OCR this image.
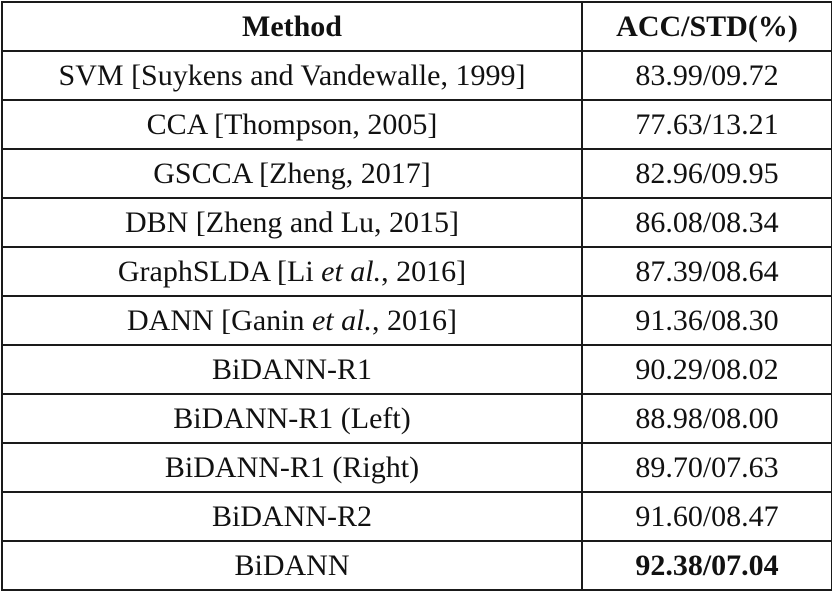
Method	ACC/STD(%)
SVM [Suykens and Vandewalle, 1999]	83.99/09.72
CCA [Thompson, 2005]	77.63/13.21
GSCCA [Zheng, 2017]	82.96/09.95
DBN [Zheng and Lu, 2015]	86.08/08.34
GraphSLDA [Li et al., 2016]	87.39/08.64
DANN [Ganin et al., 2016]	91.36/08.30
BiDANN-R1	90.29/08.02
BiDANN-R1 (Left)	88.98/08.00
BiDANN-R1 (Right)	89.70/07.63
BiDANN-R2	91.60/08.47
BiDANN	92.38/07.04
